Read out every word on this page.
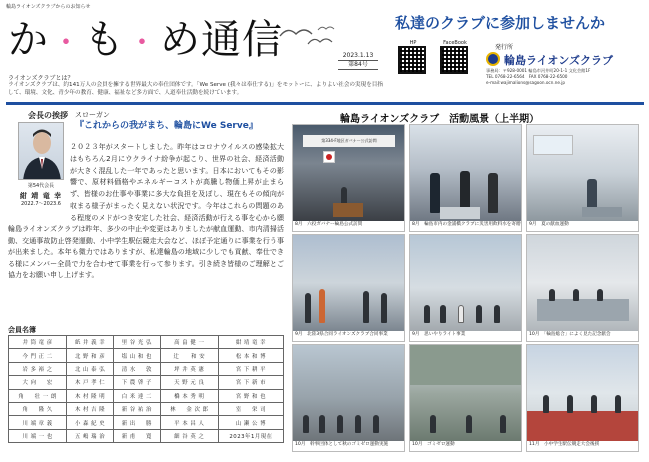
輪島ライオンズクラブからのお知らせ
か・も・め通信	2023.1.13
第84号
私達のクラブに参加しませんか
HP	FaceBook
発行所
輪島ライオンズクラブ
事務局：〒928-0001 輪島市河井町20-1-1 文化会館1F
TEL 0768-22-6564　FAX 0768-22-6500
e-mail:wajimalions@sagoon.ocn.ne.jp
ライオンズクラブとは？
ライオンズクラブは、約141万人の会員を擁する世界最大の奉仕団体です。「We Serve (我々は奉仕する)」をモットーに、よりよい社会の実現を目指して、環境、文化、青少年の教育、健康、福祉など多方面で、人道奉仕活動を続けています。
会長の挨拶
第54代会長
紺 靖 竜 幸
2022.7～2023.6
スローガン
『これからの我がまち、輪島にWe Serve』
２０２３年がスタートしました。昨年はコロナウイルスの感染拡大はもちろん2月にウクライナ紛争が起こり、世界の社会、経済活動が大きく混乱した一年であったと思います。日本においてもその影響で、原材料価格やエネルギーコストが高騰し物価上昇が止まらず、皆様のお仕事や事業に多大な負担を及ぼし、現在もその傾向が収まる様子がまったく見えない状況です。今年はこれらの問題のある程度のメドがつき安定した社会、経済活動が行える事を心から願
輪島ライオンズクラブは昨年、多少の中止や変更はありましたが献血運動、市内清掃活動、交通事故防止啓発運動、小中学生駅伝競走大会など、ほぼ予定通りに事業を行う事が出来ました。本年も微力ではありますが、私達輪島の地域に少しでも貢献、奉仕できる様にメンバー全員で力を合わせて事業を行って参ります。引き続き皆様のご理解とご協力をお願い申し上げます。
会員名簿
井 筒 竜 彦	紙 井 義 幸	里 谷 光 弘	高 畠 健 一	紺 靖 竜 幸
今 門 正 二	北 野 和 彦	塩 山 和 也	辻　　和 安	松 本 和 博
岩 多 裕 之	北 山 泰 弘	清 水 　 敦	坪 井 英 憲	宮 下 耕 平
大 向 　 宏	木 戸 孝 仁	下 農 啓 子	天 野 元 良	宮 下 新 市
角 　 壮 一 朗	木 村 隆 明	白 米 達 二	橋 本 秀 明	宮 野 和 也
角 　 隆 久	木 村 吉 隆	新 谷 祐 治	林 　 金 次 郎	室 　 栄 司
川 端 章 義	小 森 紀 史	新 出 　 勝	平 本 昌 人	山 瀬 公 博
川 端 一 也	五 嶋 瑞 治	新 甫 　 寛	細 谷 英 之	2023年1月現在
輪島ライオンズクラブ　活動風景（上半期）
第334-F地区ガバナー公式訪問
8月　六役ガバナー輪島公式訪問	8月　輪島市内の金浦橋クラブに災害用飲料水を寄贈	9月　夏の献血運動
9月　北陸3県合同ライオンズクラブ合同事業	9月　思いやりライト事業	10月　「輪島総合」によく見た記念献会
10月　幹事団体として秋のゴミゼロ運動実施	10月　ゴミゼロ運動	11月　小中学生駅伝競走大会後援
